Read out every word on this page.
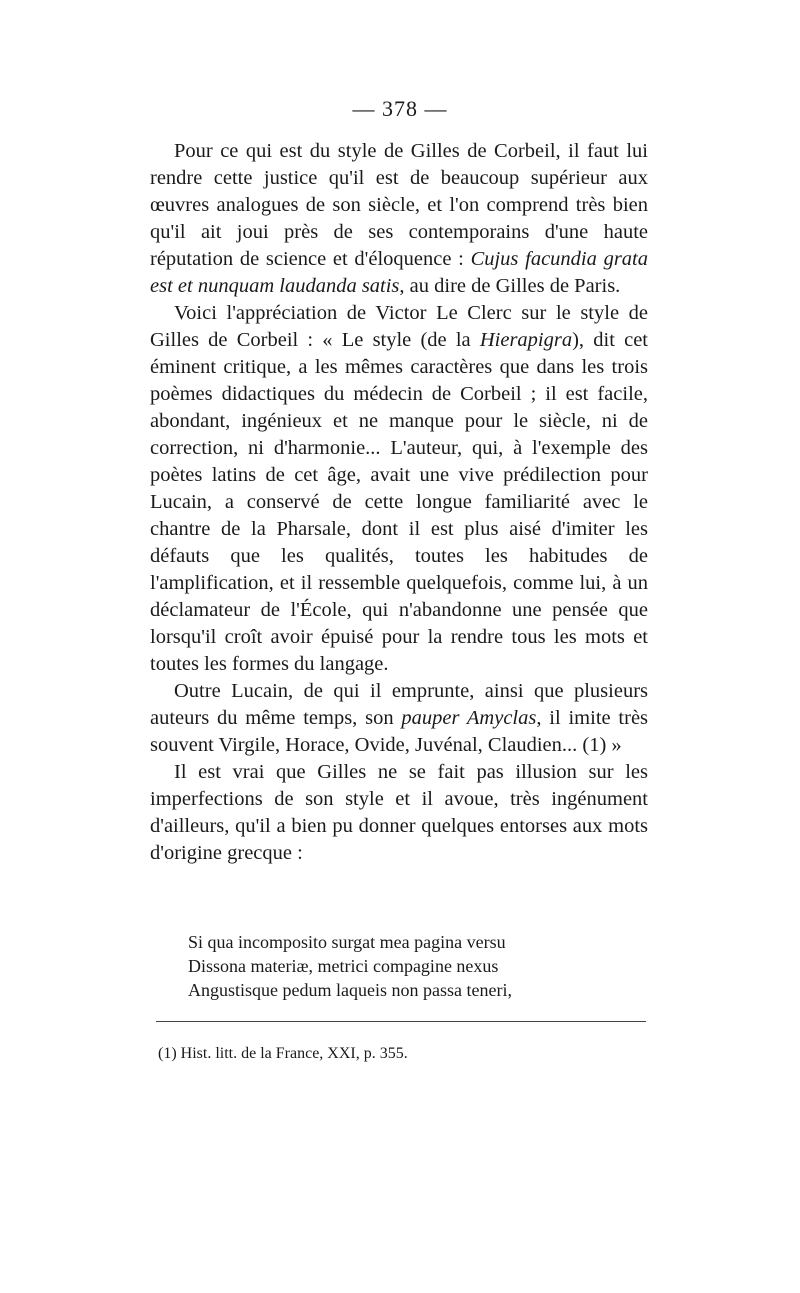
— 378 —

Pour ce qui est du style de Gilles de Corbeil, il faut lui rendre cette justice qu'il est de beaucoup supérieur aux œuvres analogues de son siècle, et l'on comprend très bien qu'il ait joui près de ses contemporains d'une haute réputation de science et d'éloquence : Cujus facundia grata est et nunquam laudanda satis, au dire de Gilles de Paris.

Voici l'appréciation de Victor Le Clerc sur le style de Gilles de Corbeil : « Le style (de la Hierapigra), dit cet éminent critique, a les mêmes caractères que dans les trois poèmes didactiques du médecin de Corbeil ; il est facile, abondant, ingénieux et ne manque pour le siècle, ni de correction, ni d'harmonie... L'auteur, qui, à l'exemple des poètes latins de cet âge, avait une vive prédilection pour Lucain, a conservé de cette longue familiarité avec le chantre de la Pharsale, dont il est plus aisé d'imiter les défauts que les qualités, toutes les habitudes de l'amplification, et il ressemble quelquefois, comme lui, à un déclamateur de l'École, qui n'abandonne une pensée que lorsqu'il croît avoir épuisé pour la rendre tous les mots et toutes les formes du langage.

Outre Lucain, de qui il emprunte, ainsi que plusieurs auteurs du même temps, son pauper Amyclas, il imite très souvent Virgile, Horace, Ovide, Juvénal, Claudien... (1) »

Il est vrai que Gilles ne se fait pas illusion sur les imperfections de son style et il avoue, très ingénument d'ailleurs, qu'il a bien pu donner quelques entorses aux mots d'origine grecque :

Si qua incomposito surgat mea pagina versu
Dissona materiæ, metrici compagine nexus
Angustisque pedum laqueis non passa teneri,
(1) Hist. litt. de la France, XXI, p. 355.
